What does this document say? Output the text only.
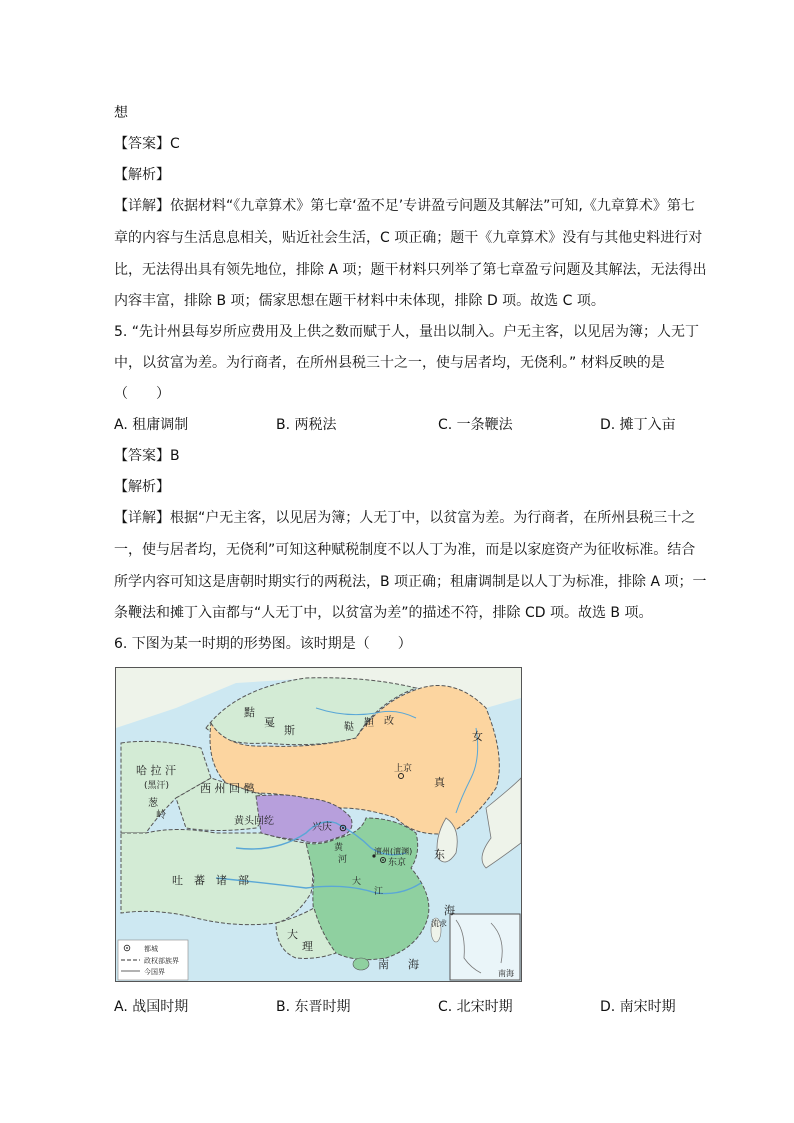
想
【答案】C
【解析】
【详解】依据材料“《九章算术》第七章‘盈不足’专讲盈亏问题及其解法”可知,《九章算术》第七
章的内容与生活息息相关，贴近社会生活，C 项正确；题干《九章算术》没有与其他史料进行对
比，无法得出具有领先地位，排除 A 项；题干材料只列举了第七章盈亏问题及其解法，无法得出
内容丰富，排除 B 项；儒家思想在题干材料中未体现，排除 D 项。故选 C 项。
5. “先计州县每岁所应费用及上供之数而赋于人，量出以制入。户无主客，以见居为簿；人无丁
中，以贫富为差。为行商者，在所州县税三十之一，使与居者均，无侥利。” 材料反映的是
（　　）
A. 租庸调制	B. 两税法	C. 一条鞭法	D. 摊丁入亩
【答案】B
【解析】
【详解】根据“户无主客，以见居为簿；人无丁中，以贫富为差。为行商者，在所州县税三十之
一，使与居者均，无侥利”可知这种赋税制度不以人丁为准，而是以家庭资产为征收标准。结合
所学内容可知这是唐朝时期实行的两税法，B 项正确；租庸调制是以人丁为标准，排除 A 项；一
条鞭法和摊丁入亩都与“人无丁中，以贫富为差”的描述不符，排除 CD 项。故选 B 项。
6. 下图为某一时期的形势图。该时期是（　　）
黠
戛
斯	鞑 靼 改
女
真
上京
哈 拉 汗
(黑汗)
葱
岭
西 州 回 鹘
黄头回纥
兴庆
吐　蕃　诸　部
澶州(澶渊)
东京
大
理
黄
河
大
江
东
海
流求
南 海
南海
都城
政权部族界
今国界
A. 战国时期	B. 东晋时期	C. 北宋时期	D. 南宋时期
